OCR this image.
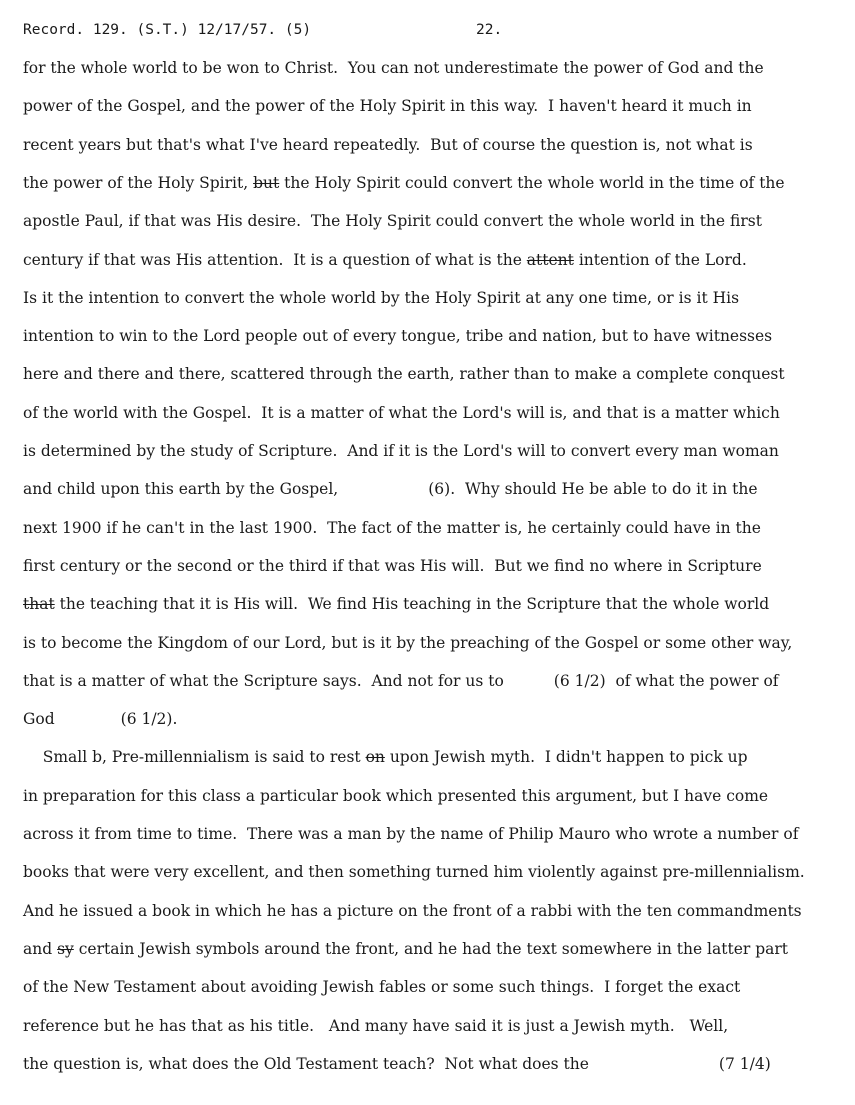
Record. 129. (S.T.) 12/17/57. (5)	22.
for the whole world to be won to Christ.  You can not underestimate the power of God and the
power of the Gospel, and the power of the Holy Spirit in this way.  I haven't heard it much in
recent years but that's what I've heard repeatedly.  But of course the question is, not what is
the power of the Holy Spirit, but the Holy Spirit could convert the whole world in the time of the
apostle Paul, if that was His desire.  The Holy Spirit could convert the whole world in the first
century if that was His attention.  It is a question of what is the attent intention of the Lord.
Is it the intention to convert the whole world by the Holy Spirit at any one time, or is it His
intention to win to the Lord people out of every tongue, tribe and nation, but to have witnesses
here and there and there, scattered through the earth, rather than to make a complete conquest
of the world with the Gospel.  It is a matter of what the Lord's will is, and that is a matter which
is determined by the study of Scripture.  And if it is the Lord's will to convert every man woman
and child upon this earth by the Gospel,	(6).  Why should He be able to do it in the
next 1900 if he can't in the last 1900.  The fact of the matter is, he certainly could have in the
first century or the second or the third if that was His will.  But we find no where in Scripture
that the teaching that it is His will.  We find His teaching in the Scripture that the whole world
is to become the Kingdom of our Lord, but is it by the preaching of the Gospel or some other way,
that is a matter of what the Scripture says.  And not for us to	(6 1/2)  of what the power of
God	(6 1/2).
Small b, Pre-millennialism is said to rest on upon Jewish myth.  I didn't happen to pick up
in preparation for this class a particular book which presented this argument, but I have come
across it from time to time.  There was a man by the name of Philip Mauro who wrote a number of
books that were very excellent, and then something turned him violently against pre-millennialism.
And he issued a book in which he has a picture on the front of a rabbi with the ten commandments
and sy certain Jewish symbols around the front, and he had the text somewhere in the latter part
of the New Testament about avoiding Jewish fables or some such things.  I forget the exact
reference but he has that as his title.   And many have said it is just a Jewish myth.   Well,
the question is, what does the Old Testament teach?  Not what does the	(7 1/4)
